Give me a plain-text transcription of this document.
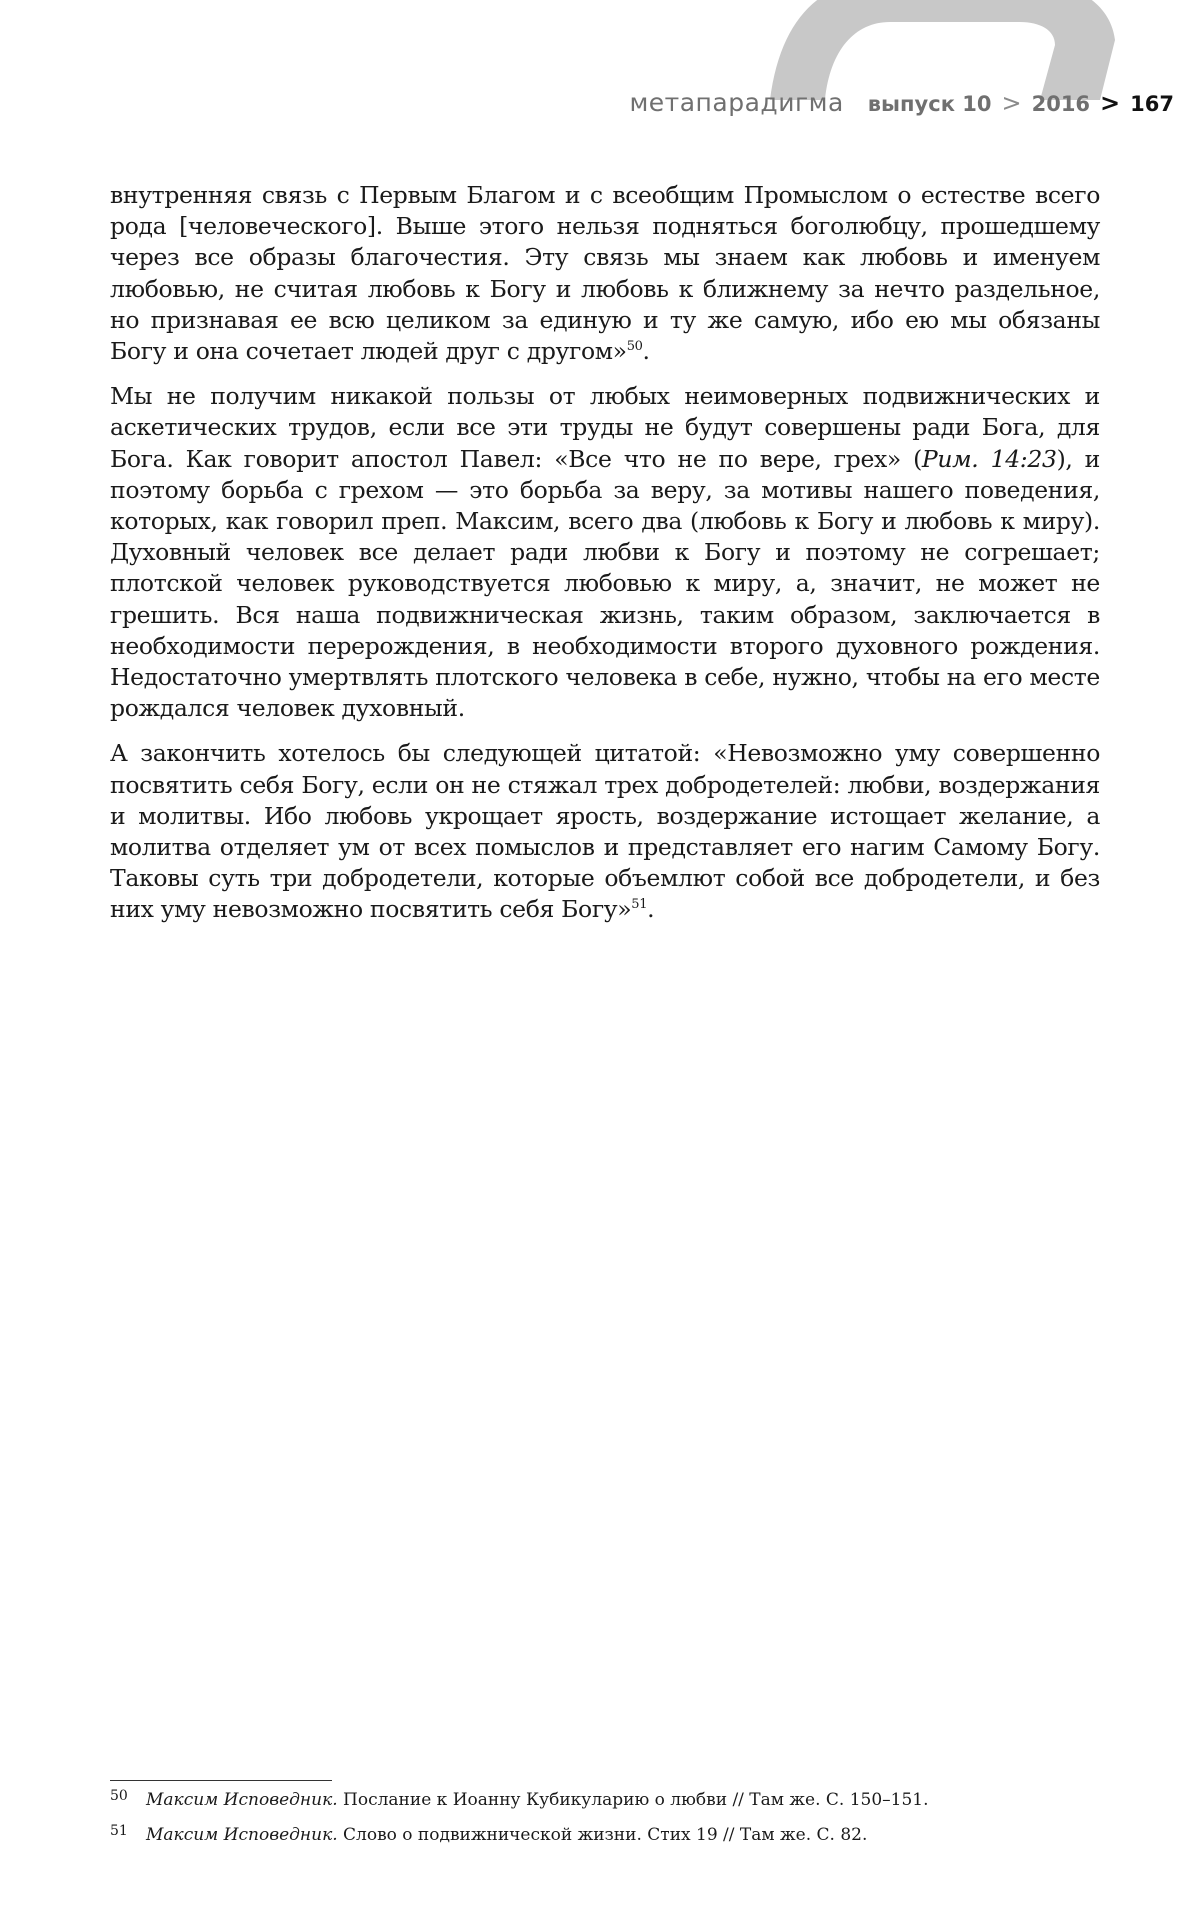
метапарадигма выпуск 10 > 2016 > 167

внутренняя связь с Первым Благом и с всеобщим Промыслом о естестве всего рода [человеческого]. Выше этого нельзя подняться боголюбцу, прошедшему через все образы благочестия. Эту связь мы знаем как любовь и именуем любовью, не считая любовь к Богу и любовь к ближнему за нечто раздельное, но признавая ее всю целиком за единую и ту же самую, ибо ею мы обязаны Богу и она сочетает людей друг с другом»$^{50}$.

Мы не получим никакой пользы от любых неимоверных подвижнических и аскетических трудов, если все эти труды не будут совершены ради Бога, для Бога. Как говорит апостол Павел: «Все что не по вере, грех» (Рим. 14:23), и поэтому борьба с грехом — это борьба за веру, за мотивы нашего поведения, которых, как говорил преп. Максим, всего два (любовь к Богу и любовь к миру). Духовный человек все делает ради любви к Богу и поэтому не согрешает; плотской человек руководствуется любовью к миру, а, значит, не может не грешить. Вся наша подвижническая жизнь, таким образом, заключается в необходимости перерождения, в необходимости второго духовного рождения. Недостаточно умертвлять плотского человека в себе, нужно, чтобы на его месте рождался человек духовный.

А закончить хотелось бы следующей цитатой: «Невозможно уму совершенно посвятить себя Богу, если он не стяжал трех добродетелей: любви, воздержания и молитвы. Ибо любовь укрощает ярость, воздержание истощает желание, а молитва отделяет ум от всех помыслов и представляет его нагим Самому Богу. Таковы суть три добродетели, которые объемлют собой все добродетели, и без них уму невозможно посвятить себя Богу»$^{51}$.

50	Максим Исповедник. Послание к Иоанну Кубикуларию о любви // Там же. С. 150–151.
51	Максим Исповедник. Слово о подвижнической жизни. Стих 19 // Там же. С. 82.
